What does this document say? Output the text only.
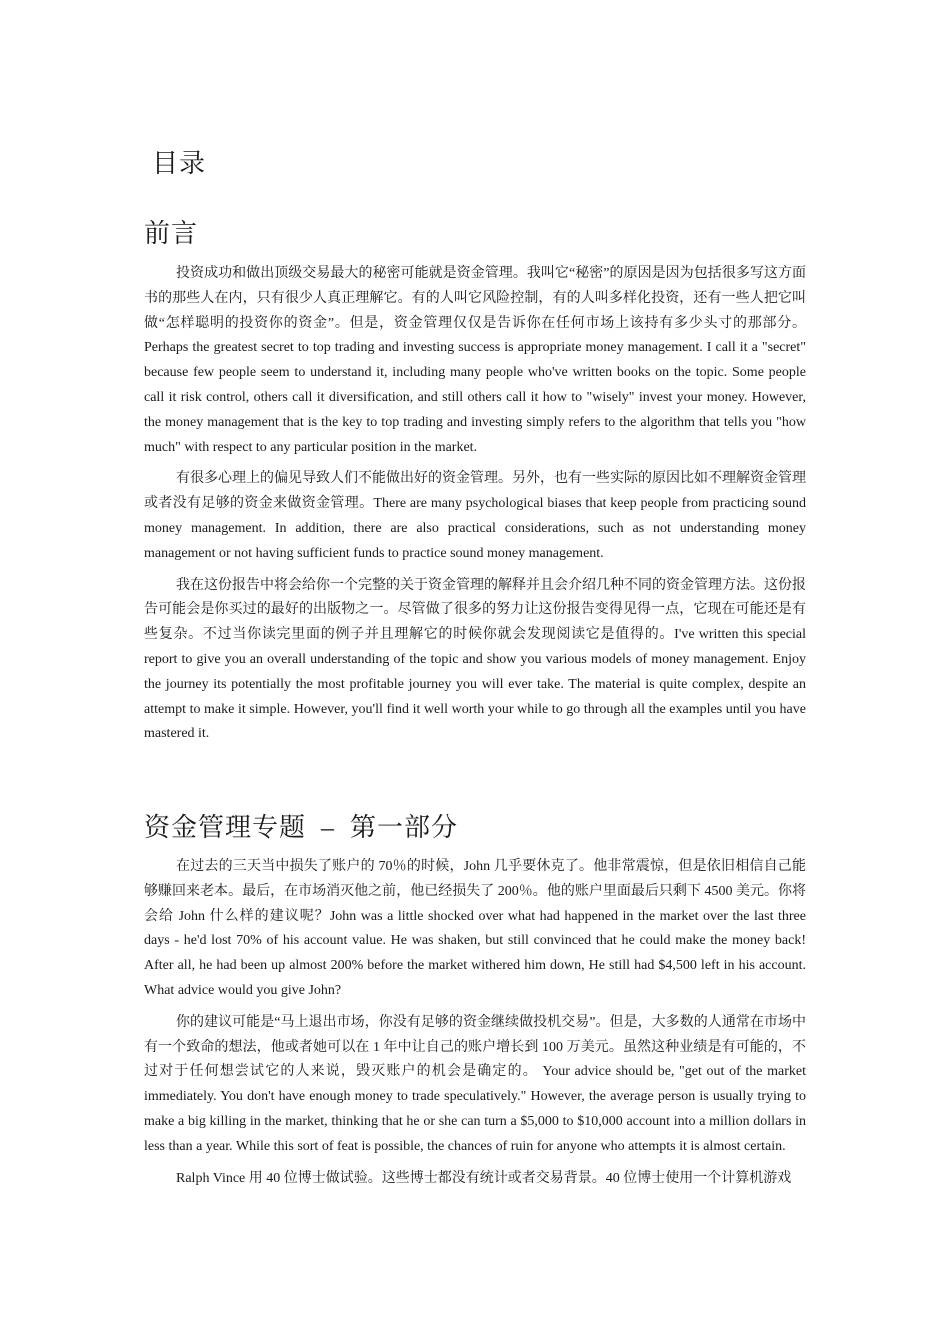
目录
前言

投资成功和做出顶级交易最大的秘密可能就是资金管理。我叫它“秘密”的原因是因为包括很多写这方面书的那些人在内，只有很少人真正理解它。有的人叫它风险控制，有的人叫多样化投资，还有一些人把它叫做“怎样聪明的投资你的资金”。但是，资金管理仅仅是告诉你在任何市场上该持有多少头寸的那部分。Perhaps the greatest secret to top trading and investing success is appropriate money management. I call it a "secret" because few people seem to understand it, including many people who've written books on the topic. Some people call it risk control, others call it diversification, and still others call it how to "wisely" invest your money. However, the money management that is the key to top trading and investing simply refers to the algorithm that tells you "how much" with respect to any particular position in the market.

有很多心理上的偏见导致人们不能做出好的资金管理。另外，也有一些实际的原因比如不理解资金管理或者没有足够的资金来做资金管理。There are many psychological biases that keep people from practicing sound money management. In addition, there are also practical considerations, such as not understanding money management or not having sufficient funds to practice sound money management.

我在这份报告中将会给你一个完整的关于资金管理的解释并且会介绍几种不同的资金管理方法。这份报告可能会是你买过的最好的出版物之一。尽管做了很多的努力让这份报告变得见得一点，它现在可能还是有些复杂。不过当你读完里面的例子并且理解它的时候你就会发现阅读它是值得的。I've written this special report to give you an overall understanding of the topic and show you various models of money management. Enjoy the journey its potentially the most profitable journey you will ever take. The material is quite complex, despite an attempt to make it simple. However, you'll find it well worth your while to go through all the examples until you have mastered it.

资金管理专题  –  第一部分

在过去的三天当中损失了账户的 70％的时候，John 几乎要休克了。他非常震惊，但是依旧相信自己能够赚回来老本。最后，在市场消灭他之前，他已经损失了 200％。他的账户里面最后只剩下 4500 美元。你将会给 John 什么样的建议呢？John was a little shocked over what had happened in the market over the last three days - he'd lost 70% of his account value. He was shaken, but still convinced that he could make the money back! After all, he had been up almost 200% before the market withered him down, He still had $4,500 left in his account. What advice would you give John?

你的建议可能是“马上退出市场，你没有足够的资金继续做投机交易”。但是，大多数的人通常在市场中有一个致命的想法，他或者她可以在 1 年中让自己的账户增长到 100 万美元。虽然这种业绩是有可能的，不过对于任何想尝试它的人来说，毁灭账户的机会是确定的。 Your advice should be, "get out of the market immediately. You don't have enough money to trade speculatively." However, the average person is usually trying to make a big killing in the market, thinking that he or she can turn a $5,000 to $10,000 account into a million dollars in less than a year. While this sort of feat is possible, the chances of ruin for anyone who attempts it is almost certain.

Ralph Vince 用 40 位博士做试验。这些博士都没有统计或者交易背景。40 位博士使用一个计算机游戏
